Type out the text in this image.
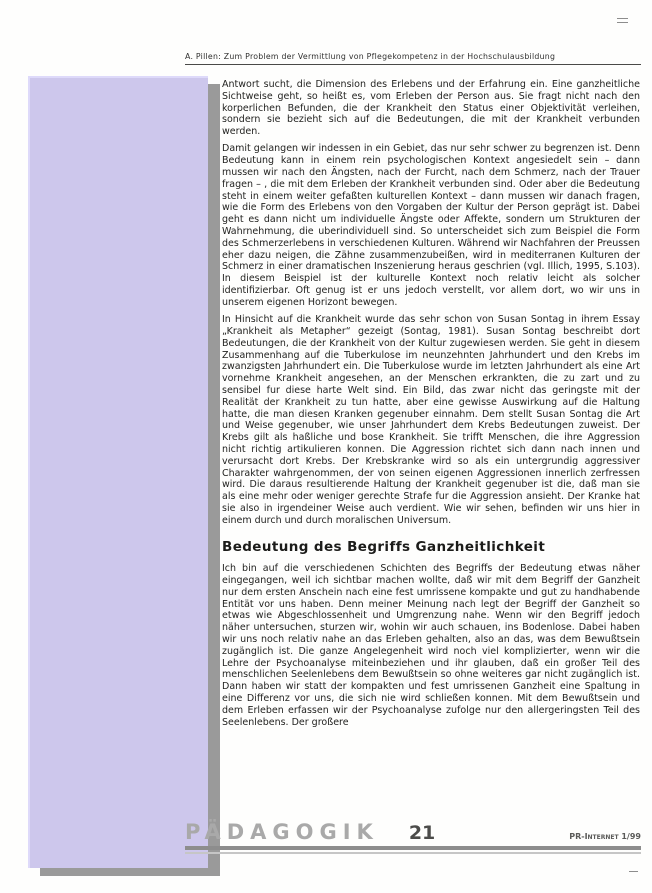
A. Pillen: Zum Problem der Vermittlung von Pflegekompetenz in der Hochschulausbildung

Antwort sucht, die Dimension des Erlebens und der Erfahrung ein. Eine ganzheitliche Sichtweise geht, so heißt es, vom Erleben der Person aus. Sie fragt nicht nach den korperlichen Befunden, die der Krankheit den Status einer Objektivität verleihen, sondern sie bezieht sich auf die Bedeutungen, die mit der Krankheit verbunden werden.

Damit gelangen wir indessen in ein Gebiet, das nur sehr schwer zu begrenzen ist. Denn Bedeutung kann in einem rein psychologischen Kontext angesiedelt sein – dann mussen wir nach den Ängsten, nach der Furcht, nach dem Schmerz, nach der Trauer fragen – , die mit dem Erleben der Krankheit verbunden sind. Oder aber die Bedeutung steht in einem weiter gefaßten kulturellen Kontext – dann mussen wir danach fragen, wie die Form des Erlebens von den Vorgaben der Kultur der Person geprägt ist. Dabei geht es dann nicht um individuelle Ängste oder Affekte, sondern um Strukturen der Wahrnehmung, die uberindividuell sind. So unterscheidet sich zum Beispiel die Form des Schmerzerlebens in verschiedenen Kulturen. Während wir Nachfahren der Preussen eher dazu neigen, die Zähne zusammenzubeißen, wird in mediterranen Kulturen der Schmerz in einer dramatischen Inszenierung heraus geschrien (vgl. Illich, 1995, S.103). In diesem Beispiel ist der kulturelle Kontext noch relativ leicht als solcher identifizierbar. Oft genug ist er uns jedoch verstellt, vor allem dort, wo wir uns in unserem eigenen Horizont bewegen.

In Hinsicht auf die Krankheit wurde das sehr schon von Susan Sontag in ihrem Essay „Krankheit als Metapher“ gezeigt (Sontag, 1981). Susan Sontag beschreibt dort Bedeutungen, die der Krankheit von der Kultur zugewiesen werden. Sie geht in diesem Zusammenhang auf die Tuberkulose im neunzehnten Jahrhundert und den Krebs im zwanzigsten Jahrhundert ein. Die Tuberkulose wurde im letzten Jahrhundert als eine Art vornehme Krankheit angesehen, an der Menschen erkrankten, die zu zart und zu sensibel fur diese harte Welt sind. Ein Bild, das zwar nicht das geringste mit der Realität der Krankheit zu tun hatte, aber eine gewisse Auswirkung auf die Haltung hatte, die man diesen Kranken gegenuber einnahm. Dem stellt Susan Sontag die Art und Weise gegenuber, wie unser Jahrhundert dem Krebs Bedeutungen zuweist. Der Krebs gilt als haßliche und bose Krankheit. Sie trifft Menschen, die ihre Aggression nicht richtig artikulieren konnen. Die Aggression richtet sich dann nach innen und verursacht dort Krebs. Der Krebskranke wird so als ein untergrundig aggressiver Charakter wahrgenommen, der von seinen eigenen Aggressionen innerlich zerfressen wird. Die daraus resultierende Haltung der Krankheit gegenuber ist die, daß man sie als eine mehr oder weniger gerechte Strafe fur die Aggression ansieht. Der Kranke hat sie also in irgendeiner Weise auch verdient. Wie wir sehen, befinden wir uns hier in einem durch und durch moralischen Universum.

Bedeutung des Begriffs Ganzheitlichkeit

Ich bin auf die verschiedenen Schichten des Begriffs der Bedeutung etwas näher eingegangen, weil ich sichtbar machen wollte, daß wir mit dem Begriff der Ganzheit nur dem ersten Anschein nach eine fest umrissene kompakte und gut zu handhabende Entität vor uns haben. Denn meiner Meinung nach legt der Begriff der Ganzheit so etwas wie Abgeschlossenheit und Umgrenzung nahe. Wenn wir den Begriff jedoch näher untersuchen, sturzen wir, wohin wir auch schauen, ins Bodenlose. Dabei haben wir uns noch relativ nahe an das Erleben gehalten, also an das, was dem Bewußtsein zugänglich ist. Die ganze Angelegenheit wird noch viel komplizierter, wenn wir die Lehre der Psychoanalyse miteinbeziehen und ihr glauben, daß ein großer Teil des menschlichen Seelenlebens dem Bewußtsein so ohne weiteres gar nicht zugänglich ist. Dann haben wir statt der kompakten und fest umrissenen Ganzheit eine Spaltung in eine Differenz vor uns, die sich nie wird schließen konnen. Mit dem Bewußtsein und dem Erleben erfassen wir der Psychoanalyse zufolge nur den allergeringsten Teil des Seelenlebens. Der großere

PÄDAGOGIK 21	PR-Internet 1/99
